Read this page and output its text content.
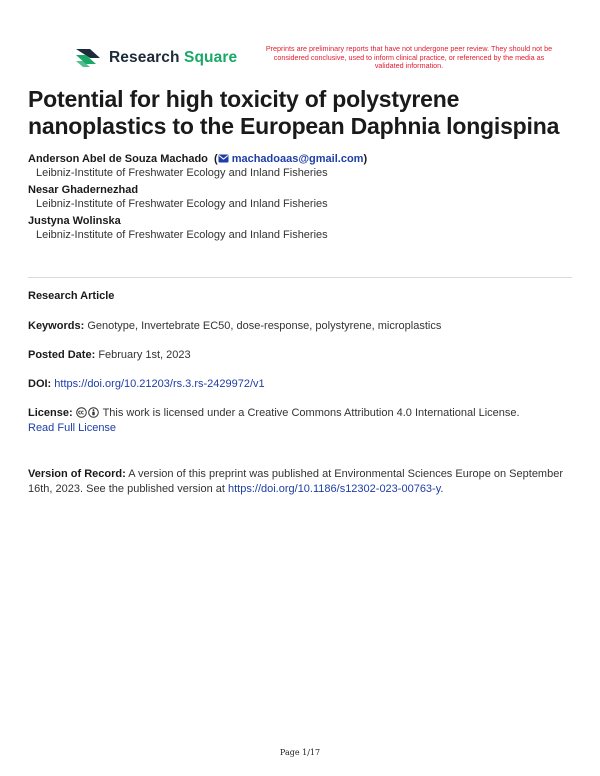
Research Square
Preprints are preliminary reports that have not undergone peer review. They should not be considered conclusive, used to inform clinical practice, or referenced by the media as validated information.
Potential for high toxicity of polystyrene nanoplastics to the European Daphnia longispina
Anderson Abel de Souza Machado  ( machadoaas@gmail.com)
Leibniz-Institute of Freshwater Ecology and Inland Fisheries
Nesar Ghadernezhad
Leibniz-Institute of Freshwater Ecology and Inland Fisheries
Justyna Wolinska
Leibniz-Institute of Freshwater Ecology and Inland Fisheries
Research Article
Keywords: Genotype, Invertebrate EC50, dose-response, polystyrene, microplastics
Posted Date: February 1st, 2023
DOI: https://doi.org/10.21203/rs.3.rs-2429972/v1
License:	This work is licensed under a Creative Commons Attribution 4.0 International License.
Read Full License
Version of Record: A version of this preprint was published at Environmental Sciences Europe on September 16th, 2023. See the published version at https://doi.org/10.1186/s12302-023-00763-y.
Page 1/17
